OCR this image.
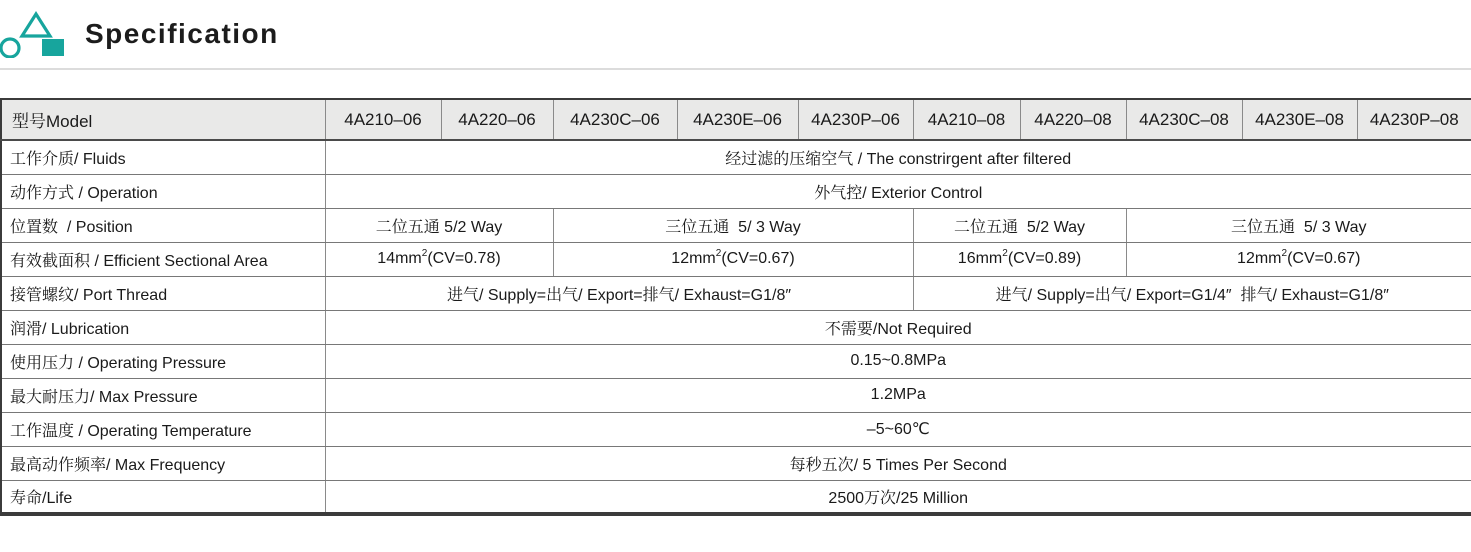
Specification
型号Model	4A210–06	4A220–06	4A230C–06	4A230E–06	4A230P–06	4A210–08	4A220–08	4A230C–08	4A230E–08	4A230P–08
工作介质/ Fluids	经过滤的压缩空气 / The constrirgent after filtered									
动作方式 / Operation	外气控/ Exterior Control									
位置数  / Position	二位五通 5/2 Way		三位五通  5/ 3 Way			二位五通  5/2 Way		三位五通  5/ 3 Way		
有效截面积 / Efficient Sectional Area	$14mm^2(CV=0.78)$		$12mm^2(CV=0.67)$			$16mm^2(CV=0.89)$		$12mm^2(CV=0.67)$		
接管螺纹/ Port Thread	进气/ Supply=出气/ Export=排气/ Exhaust=G1/8″					进气/ Supply=出气/ Export=G1/4″  排气/ Exhaust=G1/8″				
润滑/ Lubrication	不需要/Not Required									
使用压力 / Operating Pressure	0.15~0.8MPa									
最大耐压力/ Max Pressure	1.2MPa									
工作温度 / Operating Temperature	–5~60℃									
最高动作频率/ Max Frequency	每秒五次/ 5 Times Per Second									
寿命/Life	2500万次/25 Million									
